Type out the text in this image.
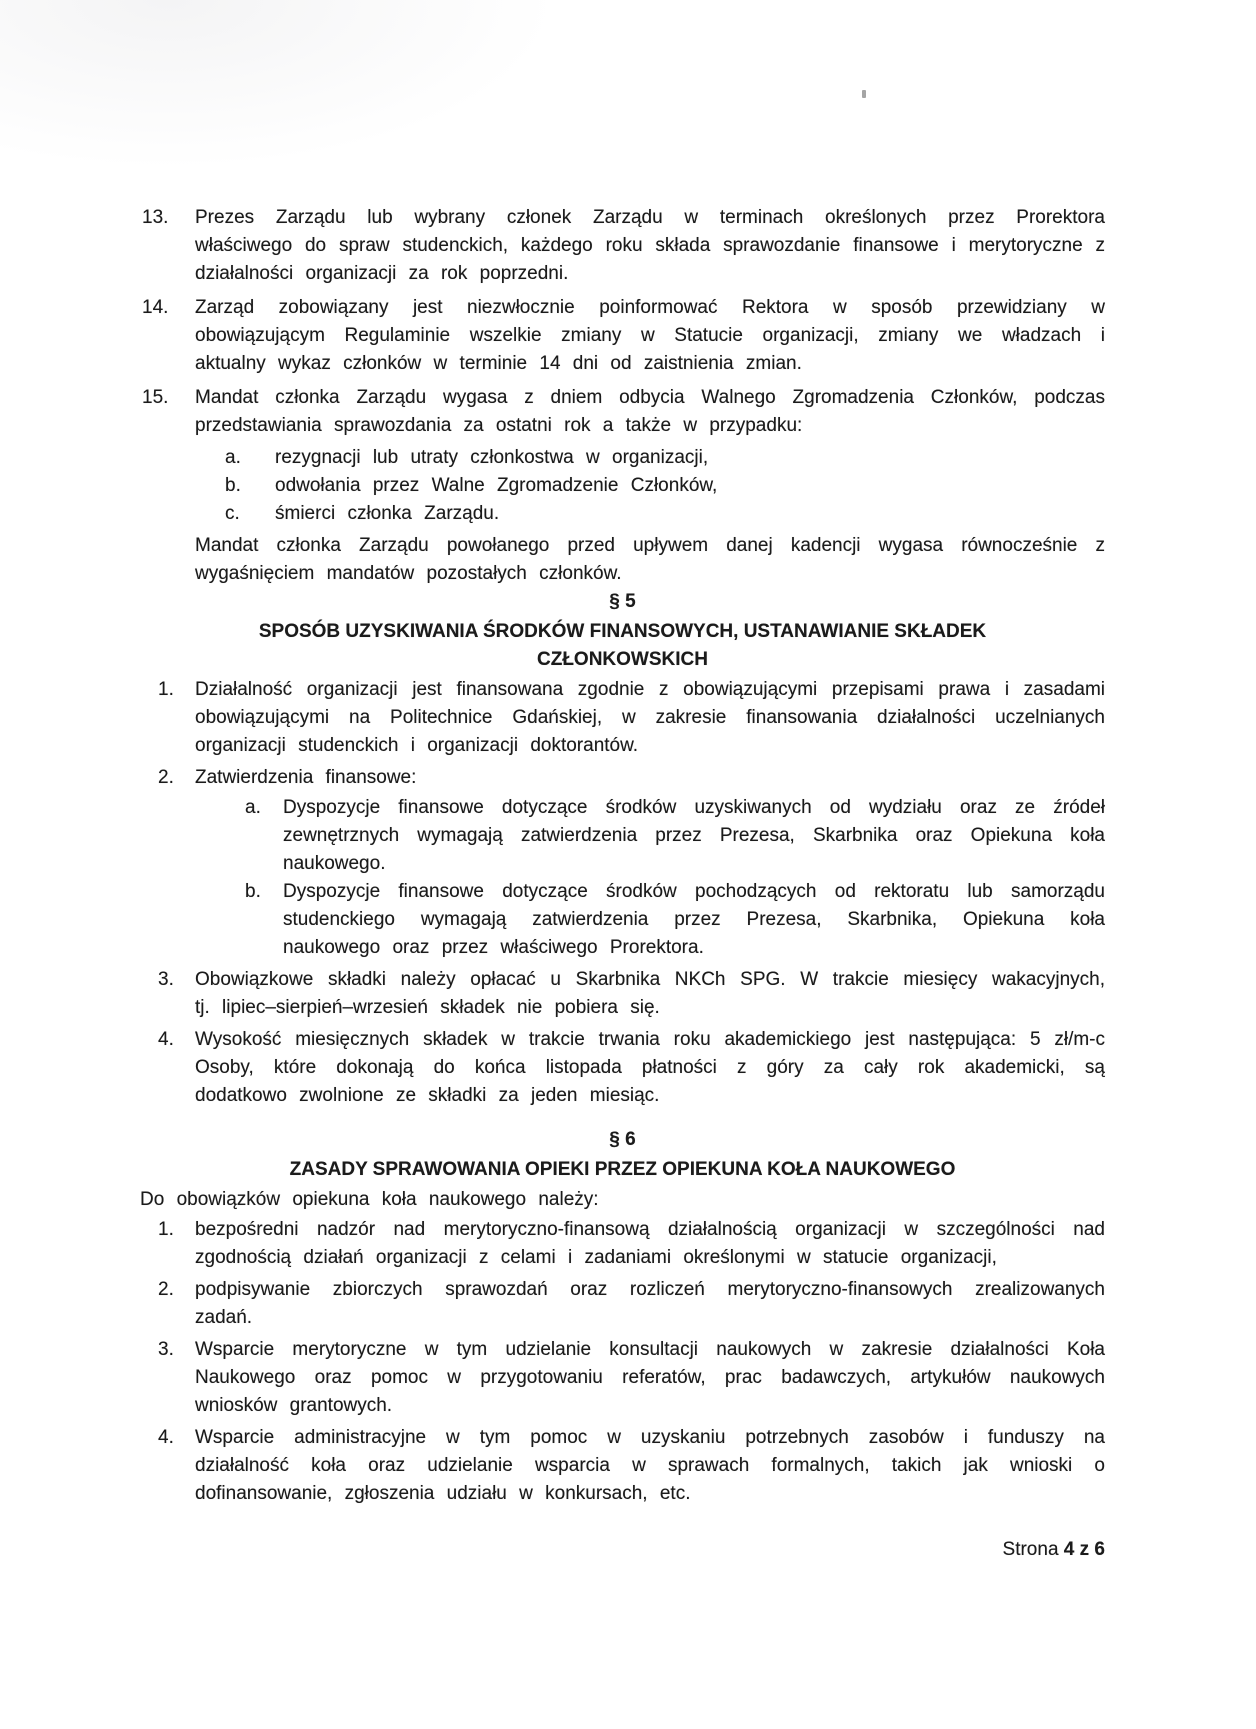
13.	Prezes Zarządu lub wybrany członek Zarządu w terminach określonych przez Prorektora właściwego do spraw studenckich, każdego roku składa sprawozdanie finansowe i merytoryczne z działalności organizacji za rok poprzedni.
14.	Zarząd zobowiązany jest niezwłocznie poinformować Rektora w sposób przewidziany w obowiązującym Regulaminie wszelkie zmiany w Statucie organizacji, zmiany we władzach i aktualny wykaz członków w terminie 14 dni od zaistnienia zmian.
15.	Mandat członka Zarządu wygasa z dniem odbycia Walnego Zgromadzenia Członków, podczas przedstawiania sprawozdania za ostatni rok a także w przypadku:
a.	rezygnacji lub utraty członkostwa w organizacji,
b.	odwołania przez Walne Zgromadzenie Członków,
c.	śmierci członka Zarządu.
Mandat członka Zarządu powołanego przed upływem danej kadencji wygasa równocześnie z wygaśnięciem mandatów pozostałych członków.
§ 5
SPOSÓB UZYSKIWANIA ŚRODKÓW FINANSOWYCH, USTANAWIANIE SKŁADEK CZŁONKOWSKICH
1.	Działalność organizacji jest finansowana zgodnie z obowiązującymi przepisami prawa i zasadami obowiązującymi na Politechnice Gdańskiej, w zakresie finansowania działalności uczelnianych organizacji studenckich i organizacji doktorantów.
2.	Zatwierdzenia finansowe:
a.	Dyspozycje finansowe dotyczące środków uzyskiwanych od wydziału oraz ze źródeł zewnętrznych wymagają zatwierdzenia przez Prezesa, Skarbnika oraz Opiekuna koła naukowego.
b.	Dyspozycje finansowe dotyczące środków pochodzących od rektoratu lub samorządu studenckiego wymagają zatwierdzenia przez Prezesa, Skarbnika, Opiekuna koła naukowego oraz przez właściwego Prorektora.
3.	Obowiązkowe składki należy opłacać u Skarbnika NKCh SPG. W trakcie miesięcy wakacyjnych, tj. lipiec–sierpień–wrzesień składek nie pobiera się.
4.	Wysokość miesięcznych składek w trakcie trwania roku akademickiego jest następująca: 5 zł/m-c Osoby, które dokonają do końca listopada płatności z góry za cały rok akademicki, są dodatkowo zwolnione ze składki za jeden miesiąc.
§ 6
ZASADY SPRAWOWANIA OPIEKI PRZEZ OPIEKUNA KOŁA NAUKOWEGO
Do obowiązków opiekuna koła naukowego należy:
1.	bezpośredni nadzór nad merytoryczno-finansową działalnością organizacji w szczególności nad zgodnością działań organizacji z celami i zadaniami określonymi w statucie organizacji,
2.	podpisywanie zbiorczych sprawozdań oraz rozliczeń merytoryczno-finansowych zrealizowanych zadań.
3.	Wsparcie merytoryczne w tym udzielanie konsultacji naukowych w zakresie działalności Koła Naukowego oraz pomoc w przygotowaniu referatów, prac badawczych, artykułów naukowych wniosków grantowych.
4.	Wsparcie administracyjne w tym pomoc w uzyskaniu potrzebnych zasobów i funduszy na działalność koła oraz udzielanie wsparcia w sprawach formalnych, takich jak wnioski o dofinansowanie, zgłoszenia udziału w konkursach, etc.
Strona 4 z 6
